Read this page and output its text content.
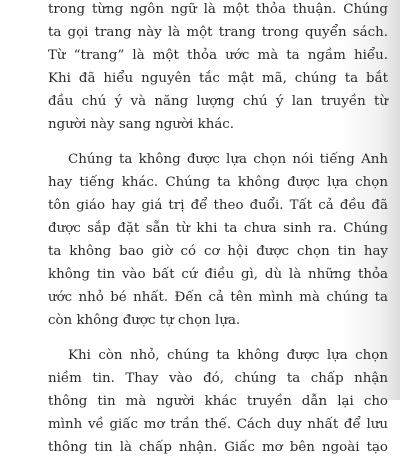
trong từng ngôn ngữ là một thỏa thuận. Chúng
ta gọi trang này là một trang trong quyển sách.
Từ “trang” là một thỏa ước mà ta ngầm hiểu.
Khi đã hiểu nguyên tắc mật mã, chúng ta bắt
đầu chú ý và năng lượng chú ý lan truyền từ
người này sang người khác.
Chúng ta không được lựa chọn nói tiếng Anh
hay tiếng khác. Chúng ta không được lựa chọn
tôn giáo hay giá trị để theo đuổi. Tất cả đều đã
được sắp đặt sẵn từ khi ta chưa sinh ra. Chúng
ta không bao giờ có cơ hội được chọn tin hay
không tin vào bất cứ điều gì, dù là những thỏa
ước nhỏ bé nhất. Đến cả tên mình mà chúng ta
còn không được tự chọn lựa.
Khi còn nhỏ, chúng ta không được lựa chọn
niềm tin. Thay vào đó, chúng ta chấp nhận
thông tin mà người khác truyền dẫn lại cho
mình về giấc mơ trần thế. Cách duy nhất để lưu
thông tin là chấp nhận. Giấc mơ bên ngoài tạo
